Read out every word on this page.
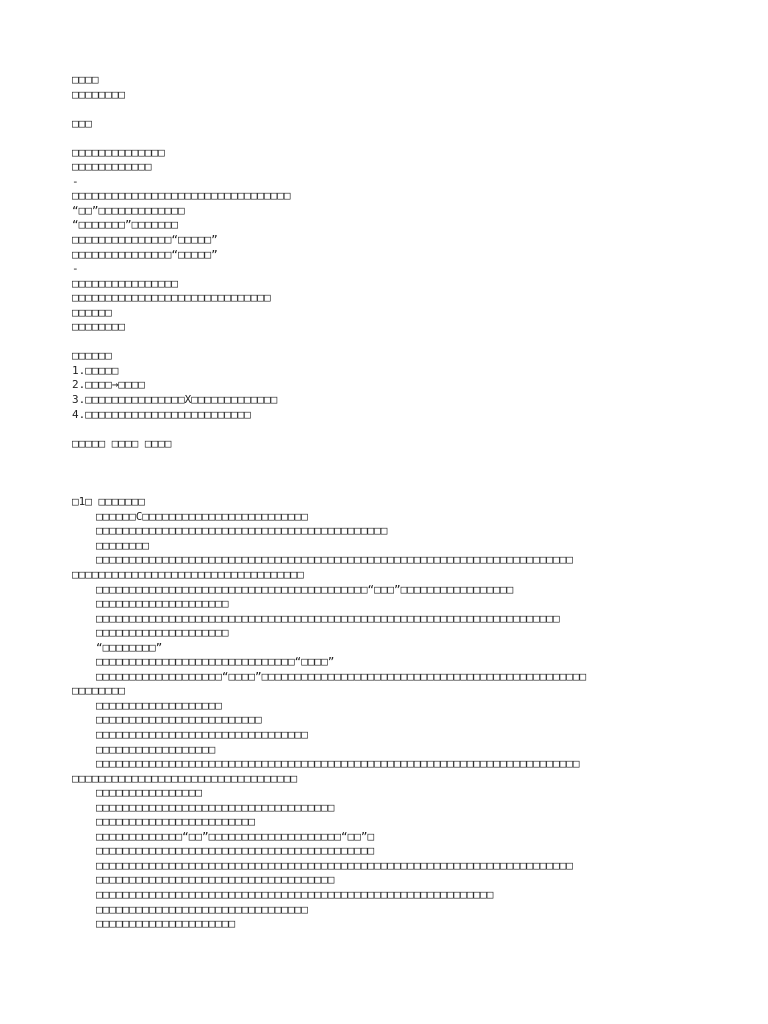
□□□□
□□□□□□□□
□□□
□□□□□□□□□□□□□□
□□□□□□□□□□□□
-
□□□□□□□□□□□□□□□□□□□□□□□□□□□□□□□□□
“□□”□□□□□□□□□□□□□
“□□□□□□□”□□□□□□□
□□□□□□□□□□□□□□□“□□□□□”
□□□□□□□□□□□□□□□“□□□□□”
-
□□□□□□□□□□□□□□□□
□□□□□□□□□□□□□□□□□□□□□□□□□□□□□□
□□□□□□
□□□□□□□□
□□□□□□
1.□□□□□
2.□□□□→□□□□
3.□□□□□□□□□□□□□□□X□□□□□□□□□□□□□
4.□□□□□□□□□□□□□□□□□□□□□□□□□
□□□□□ □□□□ □□□□
□1□ □□□□□□□
□□□□□□C□□□□□□□□□□□□□□□□□□□□□□□□□
□□□□□□□□□□□□□□□□□□□□□□□□□□□□□□□□□□□□□□□□□□□□
□□□□□□□□
□□□□□□□□□□□□□□□□□□□□□□□□□□□□□□□□□□□□□□□□□□□□□□□□□□□□□□□□□□□□□□□□□□□□□□□□
□□□□□□□□□□□□□□□□□□□□□□□□□□□□□□□□□□□
□□□□□□□□□□□□□□□□□□□□□□□□□□□□□□□□□□□□□□□□□“□□□”□□□□□□□□□□□□□□□□□
□□□□□□□□□□□□□□□□□□□□
□□□□□□□□□□□□□□□□□□□□□□□□□□□□□□□□□□□□□□□□□□□□□□□□□□□□□□□□□□□□□□□□□□□□□□
□□□□□□□□□□□□□□□□□□□□
“□□□□□□□□”
□□□□□□□□□□□□□□□□□□□□□□□□□□□□□□“□□□□”
□□□□□□□□□□□□□□□□□□□“□□□□”□□□□□□□□□□□□□□□□□□□□□□□□□□□□□□□□□□□□□□□□□□□□□□□□□
□□□□□□□□
□□□□□□□□□□□□□□□□□□□
□□□□□□□□□□□□□□□□□□□□□□□□□
□□□□□□□□□□□□□□□□□□□□□□□□□□□□□□□□
□□□□□□□□□□□□□□□□□□
□□□□□□□□□□□□□□□□□□□□□□□□□□□□□□□□□□□□□□□□□□□□□□□□□□□□□□□□□□□□□□□□□□□□□□□□□
□□□□□□□□□□□□□□□□□□□□□□□□□□□□□□□□□□
□□□□□□□□□□□□□□□□
□□□□□□□□□□□□□□□□□□□□□□□□□□□□□□□□□□□□
□□□□□□□□□□□□□□□□□□□□□□□□
□□□□□□□□□□□□□“□□”□□□□□□□□□□□□□□□□□□□□“□□”□
□□□□□□□□□□□□□□□□□□□□□□□□□□□□□□□□□□□□□□□□□□
□□□□□□□□□□□□□□□□□□□□□□□□□□□□□□□□□□□□□□□□□□□□□□□□□□□□□□□□□□□□□□□□□□□□□□□□
□□□□□□□□□□□□□□□□□□□□□□□□□□□□□□□□□□□□
□□□□□□□□□□□□□□□□□□□□□□□□□□□□□□□□□□□□□□□□□□□□□□□□□□□□□□□□□□□□
□□□□□□□□□□□□□□□□□□□□□□□□□□□□□□□□
□□□□□□□□□□□□□□□□□□□□□
